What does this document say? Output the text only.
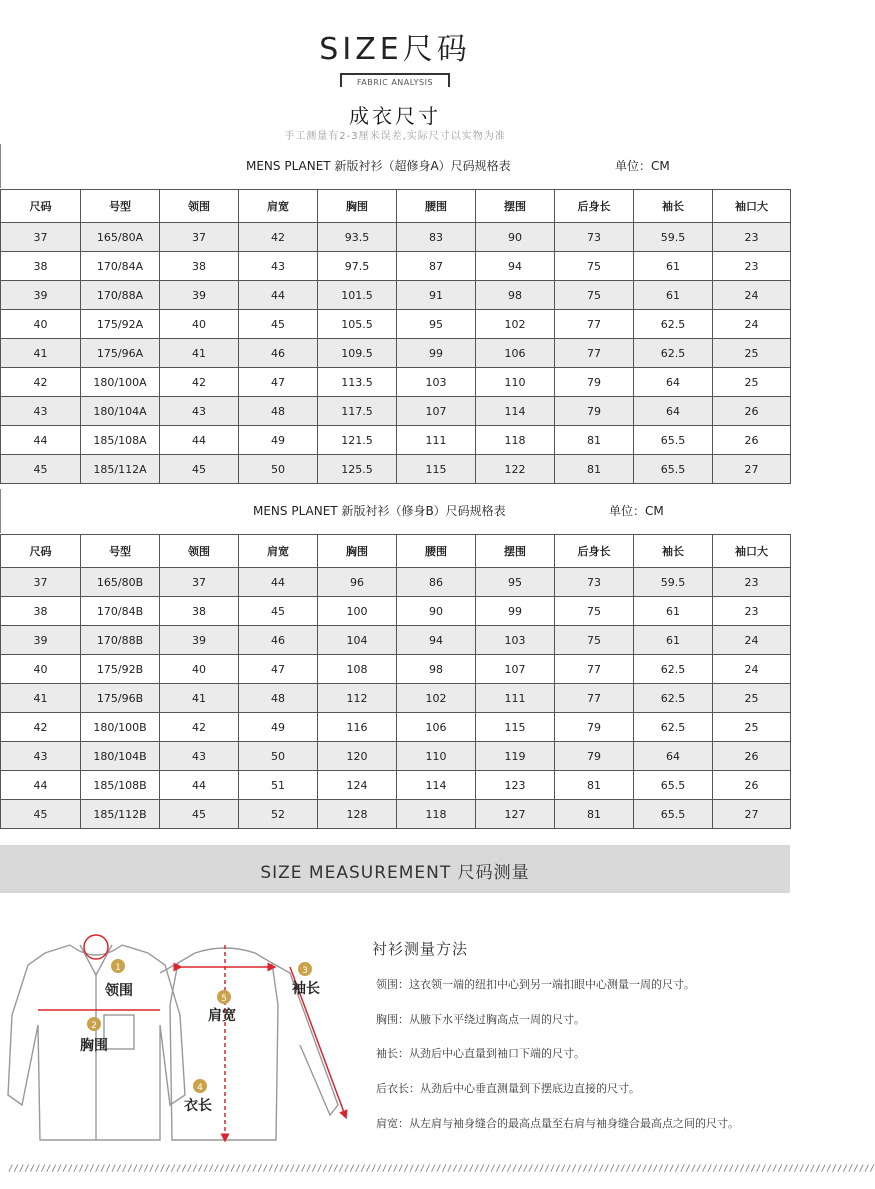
SIZE尺码
FABRIC ANALYSIS
成衣尺寸
手工测量有2-3厘米误差,实际尺寸以实物为准
MENS PLANET 新版衬衫（超修身A）尺码规格表	单位：CM
尺码	号型	领围	肩宽	胸围	腰围	摆围	后身长	袖长	袖口大
37	165/80A	37	42	93.5	83	90	73	59.5	23
38	170/84A	38	43	97.5	87	94	75	61	23
39	170/88A	39	44	101.5	91	98	75	61	24
40	175/92A	40	45	105.5	95	102	77	62.5	24
41	175/96A	41	46	109.5	99	106	77	62.5	25
42	180/100A	42	47	113.5	103	110	79	64	25
43	180/104A	43	48	117.5	107	114	79	64	26
44	185/108A	44	49	121.5	111	118	81	65.5	26
45	185/112A	45	50	125.5	115	122	81	65.5	27
MENS PLANET 新版衬衫（修身B）尺码规格表	单位：CM
尺码	号型	领围	肩宽	胸围	腰围	摆围	后身长	袖长	袖口大
37	165/80B	37	44	96	86	95	73	59.5	23
38	170/84B	38	45	100	90	99	75	61	23
39	170/88B	39	46	104	94	103	75	61	24
40	175/92B	40	47	108	98	107	77	62.5	24
41	175/96B	41	48	112	102	111	77	62.5	25
42	180/100B	42	49	116	106	115	79	62.5	25
43	180/104B	43	50	120	110	119	79	64	26
44	185/108B	44	51	124	114	123	81	65.5	26
45	185/112B	45	52	128	118	127	81	65.5	27
SIZE MEASUREMENT 尺码测量
1
领围
2
胸围
5
肩宽
3
袖长
4
衣长
衬衫测量方法
领围：这衣领一端的纽扣中心到另一端扣眼中心测量一周的尺寸。
胸围：从腋下水平绕过胸高点一周的尺寸。
袖长：从劲后中心直量到袖口下端的尺寸。
后衣长：从劲后中心垂直测量到下摆底边直接的尺寸。
肩宽：从左肩与袖身缝合的最高点量至右肩与袖身缝合最高点之间的尺寸。
////////////////////////////////////////////////////////////////////////////////////////////////////////////////////////////////////////////////////////////////
